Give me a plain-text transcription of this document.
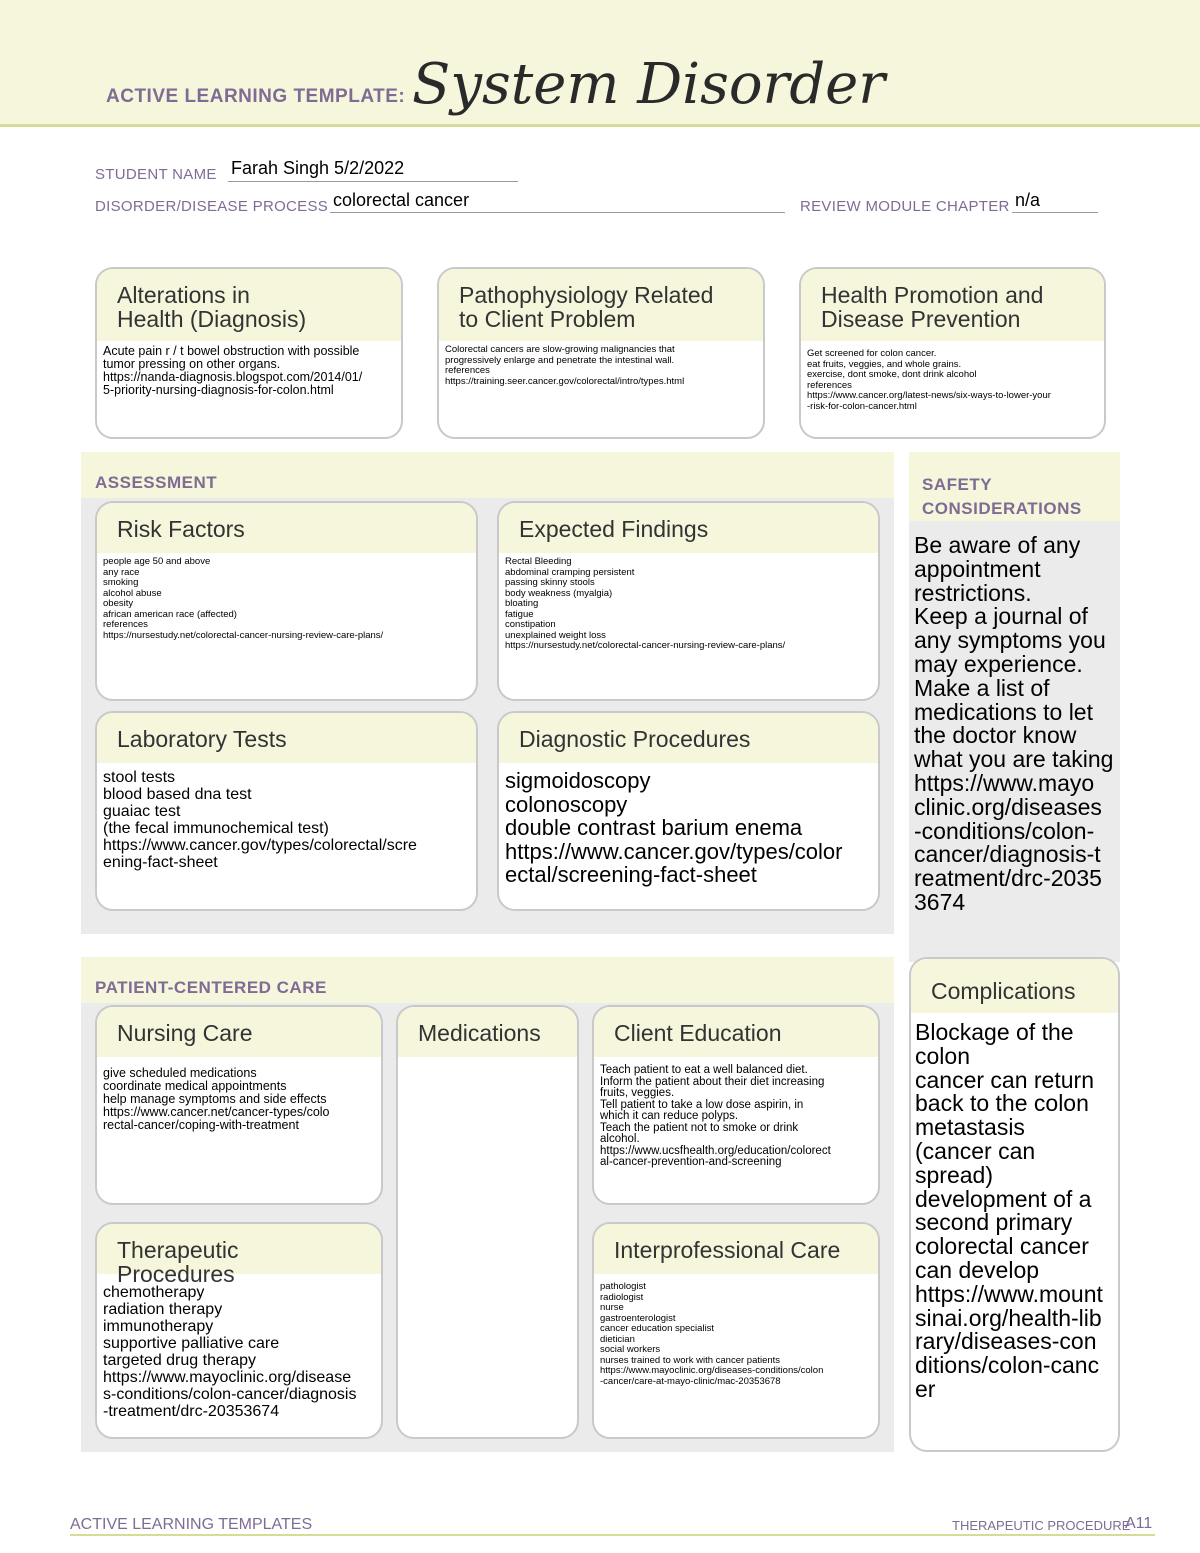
ACTIVE LEARNING TEMPLATE: System Disorder
STUDENT NAME Farah Singh 5/2/2022
DISORDER/DISEASE PROCESS colorectal cancer	REVIEW MODULE CHAPTER n/a
Alterations in
Health (Diagnosis)
Acute pain r / t bowel obstruction with possible
tumor pressing on other organs.
https://nanda-diagnosis.blogspot.com/2014/01/
5-priority-nursing-diagnosis-for-colon.html
Pathophysiology Related
to Client Problem
Colorectal cancers are slow-growing malignancies that
progressively enlarge and penetrate the intestinal wall.
references
https://training.seer.cancer.gov/colorectal/intro/types.html
Health Promotion and
Disease Prevention
Get screened for colon cancer.
eat fruits, veggies, and whole grains.
exercise, dont smoke, dont drink alcohol
references
https://www.cancer.org/latest-news/six-ways-to-lower-your
-risk-for-colon-cancer.html
ASSESSMENT
Risk Factors
people age 50 and above
any race
smoking
alcohol abuse
obesity
african american race (affected)
references
https://nursestudy.net/colorectal-cancer-nursing-review-care-plans/
Expected Findings
Rectal Bleeding
abdominal cramping persistent
passing skinny stools
body weakness (myalgia)
bloating
fatigue
constipation
unexplained weight loss
https://nursestudy.net/colorectal-cancer-nursing-review-care-plans/
Laboratory Tests
stool tests
blood based dna test
guaiac test
(the fecal immunochemical test)
https://www.cancer.gov/types/colorectal/scre
ening-fact-sheet
Diagnostic Procedures
sigmoidoscopy
colonoscopy
double contrast barium enema
https://www.cancer.gov/types/color
ectal/screening-fact-sheet
SAFETY
CONSIDERATIONS
Be aware of any
appointment
restrictions.
Keep a journal of
any symptoms you
may experience.
Make a list of
medications to let
the doctor know
what you are taking
https://www.mayo
clinic.org/diseases
-conditions/colon-
cancer/diagnosis-t
reatment/drc-2035
3674
PATIENT-CENTERED CARE
Nursing Care
give scheduled medications
coordinate medical appointments
help manage symptoms and side effects
https://www.cancer.net/cancer-types/colo
rectal-cancer/coping-with-treatment
Medications	Client Education
Teach patient to eat a well balanced diet.
Inform the patient about their diet increasing
fruits, veggies.
Tell patient to take a low dose aspirin, in
which it can reduce polyps.
Teach the patient not to smoke or drink
alcohol.
https://www.ucsfhealth.org/education/colorect
al-cancer-prevention-and-screening
Therapeutic Procedures
chemotherapy
radiation therapy
immunotherapy
supportive palliative care
targeted drug therapy
https://www.mayoclinic.org/disease
s-conditions/colon-cancer/diagnosis
-treatment/drc-20353674
Interprofessional Care
pathologist
radiologist
nurse
gastroenterologist
cancer education specialist
dietician
social workers
nurses trained to work with cancer patients
https://www.mayoclinic.org/diseases-conditions/colon
-cancer/care-at-mayo-clinic/mac-20353678
Complications
Blockage of the
colon
cancer can return
back to the colon
metastasis
(cancer can
spread)
development of a
second primary
colorectal cancer
can develop
https://www.mount
sinai.org/health-lib
rary/diseases-con
ditions/colon-canc
er
ACTIVE LEARNING TEMPLATES	THERAPEUTIC PROCEDURE
A11
